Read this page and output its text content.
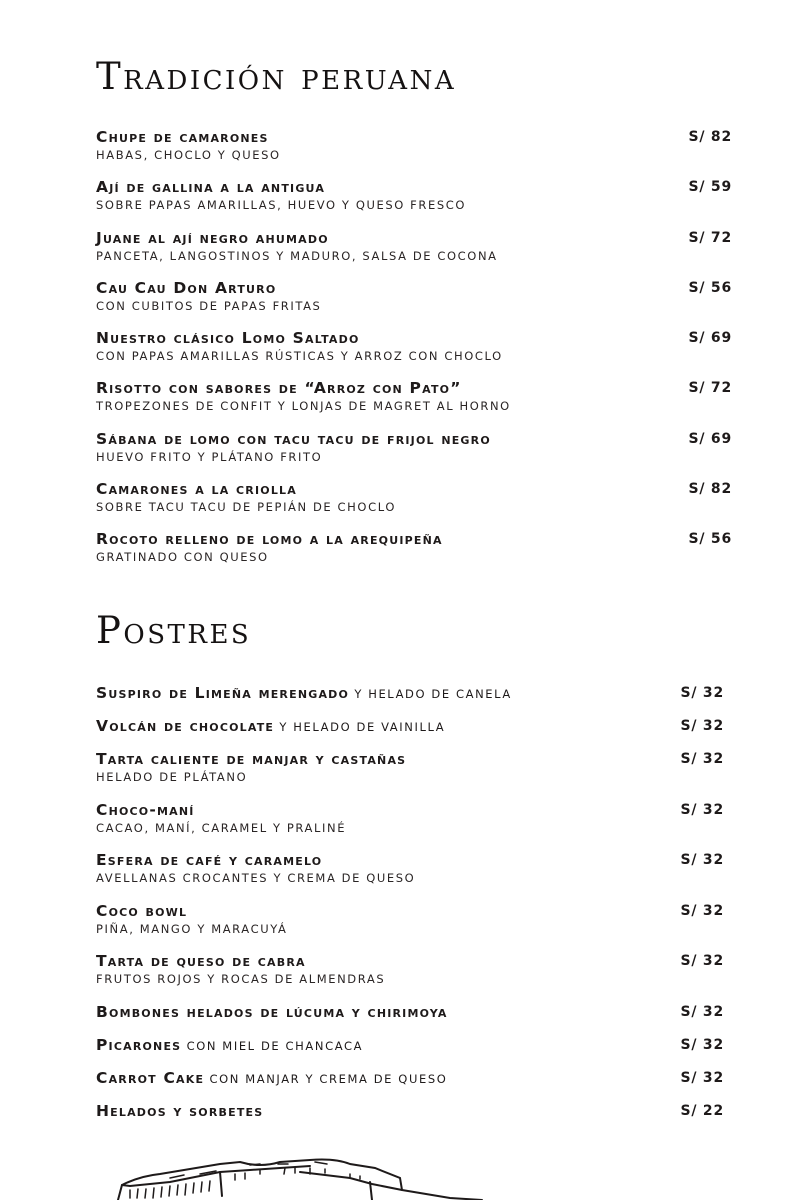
Tradición peruana
Chupe de camarones
HABAS, CHOCLO Y QUESO
S/ 82
Ají de gallina a la antigua
SOBRE PAPAS AMARILLAS, HUEVO Y QUESO FRESCO
S/ 59
Juane al ají negro ahumado
PANCETA, LANGOSTINOS Y MADURO, SALSA DE COCONA
S/ 72
Cau Cau Don Arturo
CON CUBITOS DE PAPAS FRITAS
S/ 56
Nuestro clásico Lomo Saltado
CON PAPAS AMARILLAS RÚSTICAS Y ARROZ CON CHOCLO
S/ 69
Risotto con sabores de “Arroz con Pato”
TROPEZONES DE CONFIT Y LONJAS DE MAGRET AL HORNO
S/ 72
Sábana de lomo con tacu tacu de frijol negro
HUEVO FRITO Y PLÁTANO FRITO
S/ 69
Camarones a la criolla
SOBRE TACU TACU DE PEPIÁN DE CHOCLO
S/ 82
Rocoto relleno de lomo a la arequipeña
GRATINADO CON QUESO
S/ 56
Postres
Suspiro de Limeña merengado Y HELADO DE CANELA	S/ 32
Volcán de chocolate Y HELADO DE VAINILLA	S/ 32
Tarta caliente de manjar y castañas
HELADO DE PLÁTANO
S/ 32
Choco-maní
CACAO, MANÍ, CARAMEL Y PRALINÉ
S/ 32
Esfera de café y caramelo
AVELLANAS CROCANTES Y CREMA DE QUESO
S/ 32
Coco bowl
PIÑA, MANGO Y MARACUYÁ
S/ 32
Tarta de queso de cabra
FRUTOS ROJOS Y ROCAS DE ALMENDRAS
S/ 32
Bombones helados de lúcuma y chirimoya	S/ 32
Picarones CON MIEL DE CHANCACA	S/ 32
Carrot Cake CON MANJAR Y CREMA DE QUESO	S/ 32
Helados y sorbetes	S/ 22
